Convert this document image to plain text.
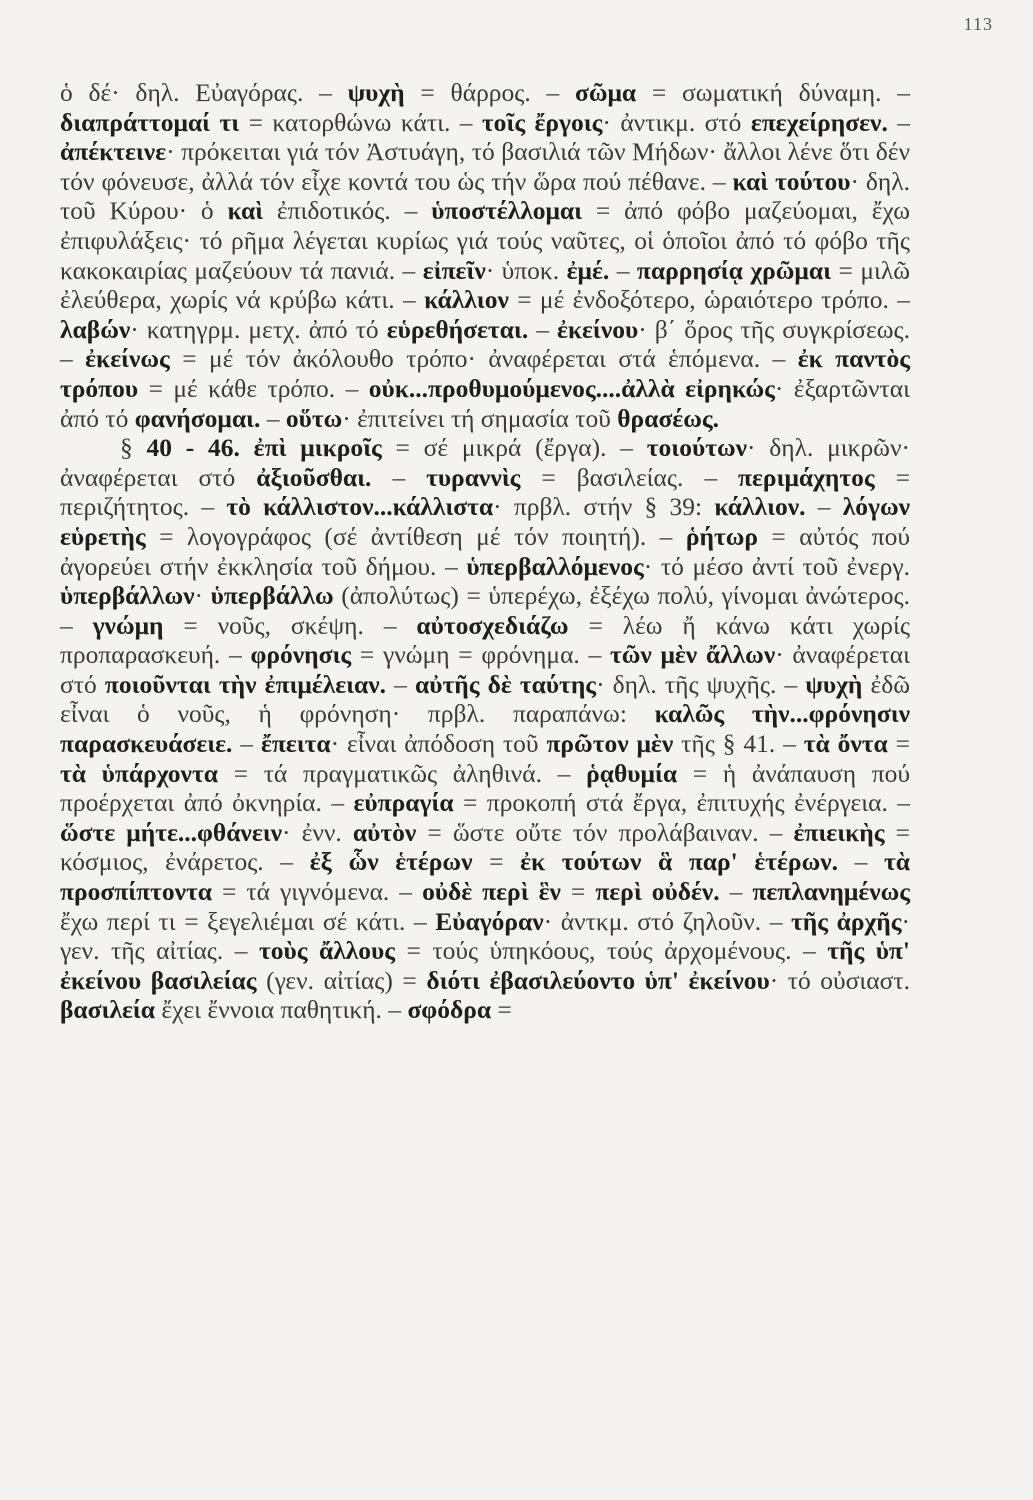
113

ὁ δέ· δηλ. Εὐαγόρας. – ψυχὴ = θάρρος. – σῶμα = σωματική δύναμη. – διαπράττομαί τι = κατορθώνω κάτι. – τοῖς ἔργοις· ἀντικμ. στό επεχείρησεν. – ἀπέκτεινε· πρόκειται γιά τόν Ἀστυάγη, τό βασιλιά τῶν Μήδων· ἄλλοι λένε ὅτι δέν τόν φόνευσε, ἀλλά τόν εἶχε κοντά του ὡς τήν ὥρα πού πέθανε. – καὶ τούτου· δηλ. τοῦ Κύρου· ὁ καὶ ἐπιδοτικός. – ὑποστέλλομαι = ἀπό φόβο μαζεύομαι, ἔχω ἐπιφυλάξεις· τό ρῆμα λέγεται κυρίως γιά τούς ναῦτες, οἱ ὁποῖοι ἀπό τό φόβο τῆς κακοκαιρίας μαζεύουν τά πανιά. – εἰπεῖν· ὑποκ. ἐμέ. – παρρησίᾳ χρῶμαι = μιλῶ ἐλεύθερα, χωρίς νά κρύβω κάτι. – κάλλιον = μέ ἐνδοξότερο, ὡραιότερο τρόπο. – λαβών· κατηγρμ. μετχ. ἀπό τό εὑρεθήσεται. – ἐκείνου· β΄ ὅρος τῆς συγκρίσεως. – ἐκείνως = μέ τόν ἀκόλουθο τρόπο· ἀναφέρεται στά ἑπόμενα. – ἐκ παντὸς τρόπου = μέ κάθε τρόπο. – οὐκ...προθυμούμενος....ἀλλὰ εἰρηκώς· ἐξαρτῶνται ἀπό τό φανήσομαι. – οὕτω· ἐπιτείνει τή σημασία τοῦ θρασέως.

§ 40 - 46. ἐπὶ μικροῖς = σέ μικρά (ἔργα). – τοιούτων· δηλ. μικρῶν· ἀναφέρεται στό ἀξιοῦσθαι. – τυραννὶς = βασιλείας. – περιμάχητος = περιζήτητος. – τὸ κάλλιστον...κάλλιστα· πρβλ. στήν § 39: κάλλιον. – λόγων εὑρετὴς = λογογράφος (σέ ἀντίθεση μέ τόν ποιητή). – ῥήτωρ = αὐτός πού ἀγορεύει στήν ἐκκλησία τοῦ δήμου. – ὑπερβαλλόμενος· τό μέσο ἀντί τοῦ ἐνεργ. ὑπερβάλλων· ὑπερβάλλω (ἀπολύτως) = ὑπερέχω, ἐξέχω πολύ, γίνομαι ἀνώτερος. – γνώμη = νοῦς, σκέψη. – αὐτοσχεδιάζω = λέω ἤ κάνω κάτι χωρίς προπαρασκευή. – φρόνησις = γνώμη = φρόνημα. – τῶν μὲν ἄλλων· ἀναφέρεται στό ποιοῦνται τὴν ἐπιμέλειαν. – αὐτῆς δὲ ταύτης· δηλ. τῆς ψυχῆς. – ψυχὴ ἐδῶ εἶναι ὁ νοῦς, ἡ φρόνηση· πρβλ. παραπάνω: καλῶς τὴν...φρόνησιν παρασκευάσειε. – ἔπειτα· εἶναι ἀπόδοση τοῦ πρῶτον μὲν τῆς § 41. – τὰ ὄντα = τὰ ὑπάρχοντα = τά πραγματικῶς ἀληθινά. – ῥᾳθυμία = ἡ ἀνάπαυση πού προέρχεται ἀπό ὀκνηρία. – εὐπραγία = προκοπή στά ἔργα, ἐπιτυχής ἐνέργεια. – ὥστε μήτε...φθάνειν· ἐνν. αὐτὸν = ὥστε οὔτε τόν προλάβαιναν. – ἐπιεικὴς = κόσμιος, ἐνάρετος. – ἐξ ὧν ἑτέρων = ἐκ τούτων ἃ παρ' ἑτέρων. – τὰ προσπίπτοντα = τά γιγνόμενα. – οὐδὲ περὶ ἓν = περὶ οὐδέν. – πεπλανημένως ἔχω περί τι = ξεγελιέμαι σέ κάτι. – Εὐαγόραν· ἀντκμ. στό ζηλοῦν. – τῆς ἀρχῆς· γεν. τῆς αἰτίας. – τοὺς ἄλλους = τούς ὑπηκόους, τούς ἀρχομένους. – τῆς ὑπ' ἐκείνου βασιλείας (γεν. αἰτίας) = διότι ἐβασιλεύοντο ὑπ' ἐκείνου· τό οὐσιαστ. βασιλεία ἔχει ἔννοια παθητική. – σφόδρα =
